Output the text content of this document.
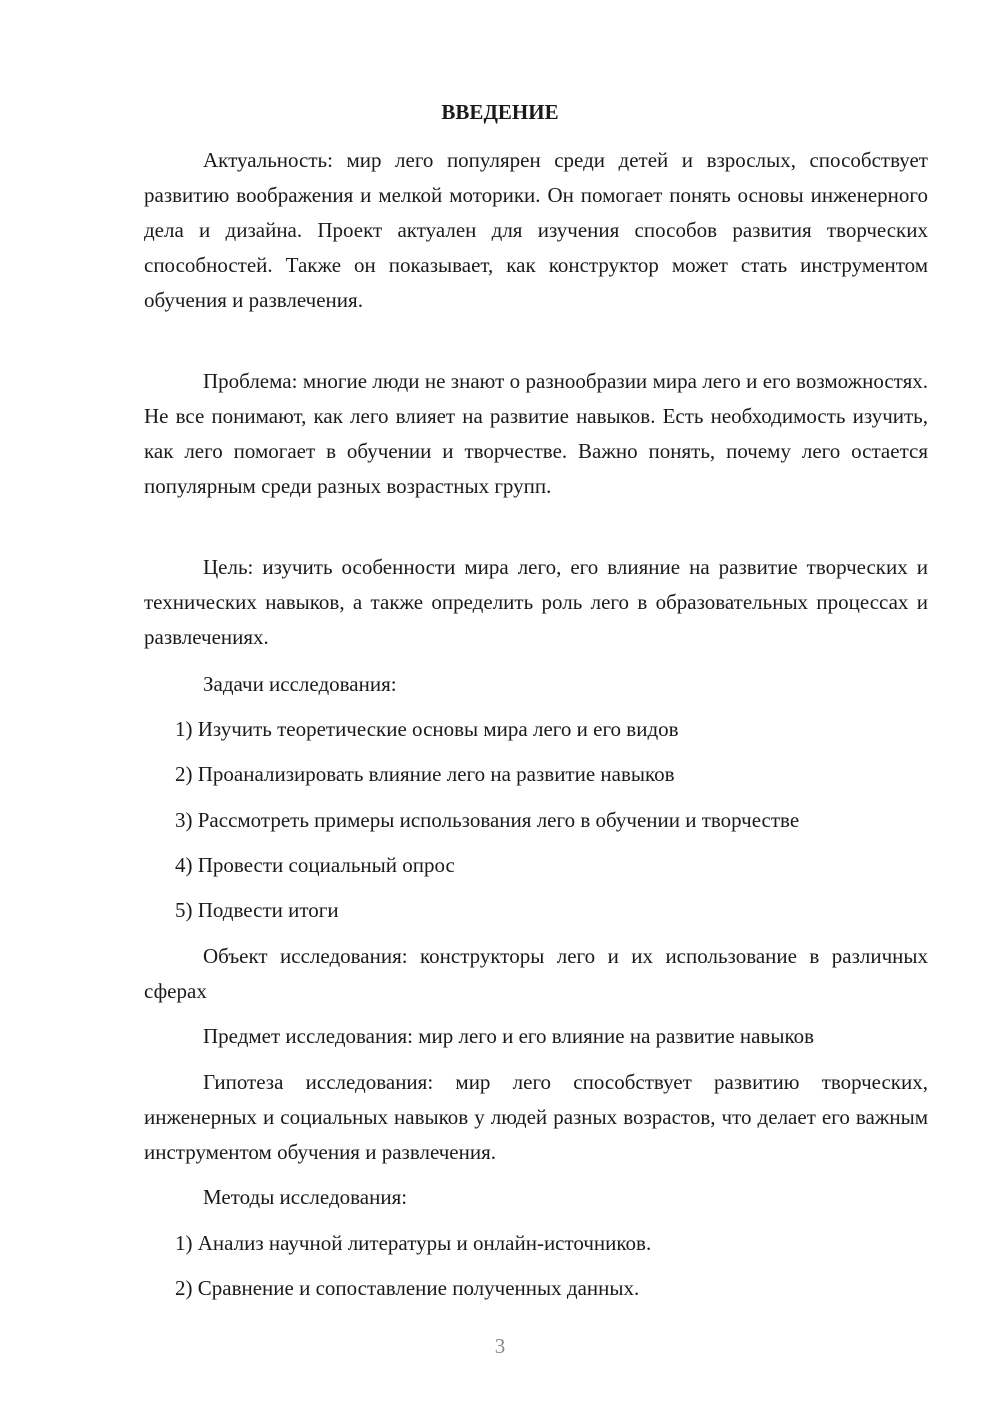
ВВЕДЕНИЕ

Актуальность: мир лего популярен среди детей и взрослых, способствует развитию воображения и мелкой моторики. Он помогает понять основы инженерного дела и дизайна. Проект актуален для изучения способов развития творческих способностей. Также он показывает, как конструктор может стать инструментом обучения и развлечения.

Проблема: многие люди не знают о разнообразии мира лего и его возможностях. Не все понимают, как лего влияет на развитие навыков. Есть необходимость изучить, как лего помогает в обучении и творчестве. Важно понять, почему лего остается популярным среди разных возрастных групп.

Цель: изучить особенности мира лего, его влияние на развитие творческих и технических навыков, а также определить роль лего в образовательных процессах и развлечениях.

Задачи исследования:

1) Изучить теоретические основы мира лего и его видов

2) Проанализировать влияние лего на развитие навыков

3) Рассмотреть примеры использования лего в обучении и творчестве

4) Провести социальный опрос

5) Подвести итоги

Объект исследования: конструкторы лего и их использование в различных сферах

Предмет исследования: мир лего и его влияние на развитие навыков

Гипотеза исследования: мир лего способствует развитию творческих, инженерных и социальных навыков у людей разных возрастов, что делает его важным инструментом обучения и развлечения.

Методы исследования:

1) Анализ научной литературы и онлайн-источников.

2) Сравнение и сопоставление полученных данных.

3
